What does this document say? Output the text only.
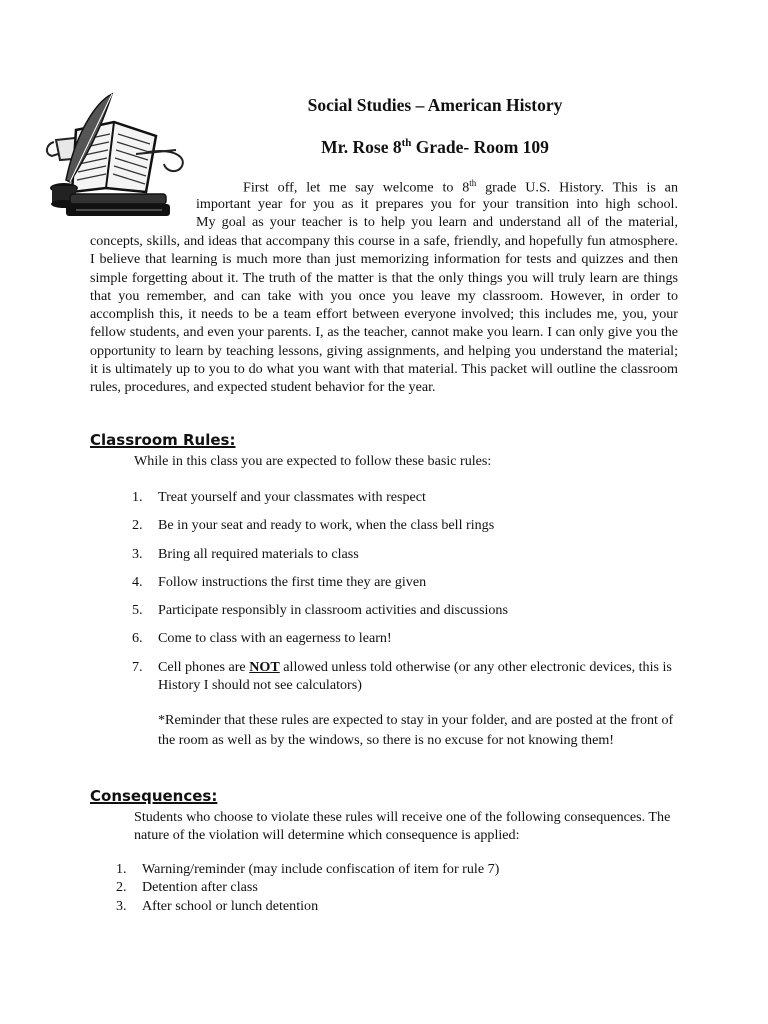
Social Studies – American History
Mr. Rose 8th Grade- Room 109
First off, let me say welcome to 8th grade U.S. History. This is an
important year for you as it prepares you for your transition into high school.
My goal as your teacher is to help you learn and understand all of the material,
concepts, skills, and ideas that accompany this course in a safe, friendly, and hopefully fun atmosphere. I believe that learning is much more than just memorizing information for tests and quizzes and then simple forgetting about it. The truth of the matter is that the only things you will truly learn are things that you remember, and can take with you once you leave my classroom. However, in order to accomplish this, it needs to be a team effort between everyone involved; this includes me, you, your fellow students, and even your parents. I, as the teacher, cannot make you learn. I can only give you the opportunity to learn by teaching lessons, giving assignments, and helping you understand the material; it is ultimately up to you to do what you want with that material. This packet will outline the classroom rules, procedures, and expected student behavior for the year.
Classroom Rules:
While in this class you are expected to follow these basic rules:
1. Treat yourself and your classmates with respect
2. Be in your seat and ready to work, when the class bell rings
3. Bring all required materials to class
4. Follow instructions the first time they are given
5. Participate responsibly in classroom activities and discussions
6. Come to class with an eagerness to learn!
7. Cell phones are NOT allowed unless told otherwise (or any other electronic devices, this is History I should not see calculators)
*Reminder that these rules are expected to stay in your folder, and are posted at the front of the room as well as by the windows, so there is no excuse for not knowing them!
Consequences:
Students who choose to violate these rules will receive one of the following consequences. The nature of the violation will determine which consequence is applied:
1. Warning/reminder (may include confiscation of item for rule 7)
2. Detention after class
3. After school or lunch detention
